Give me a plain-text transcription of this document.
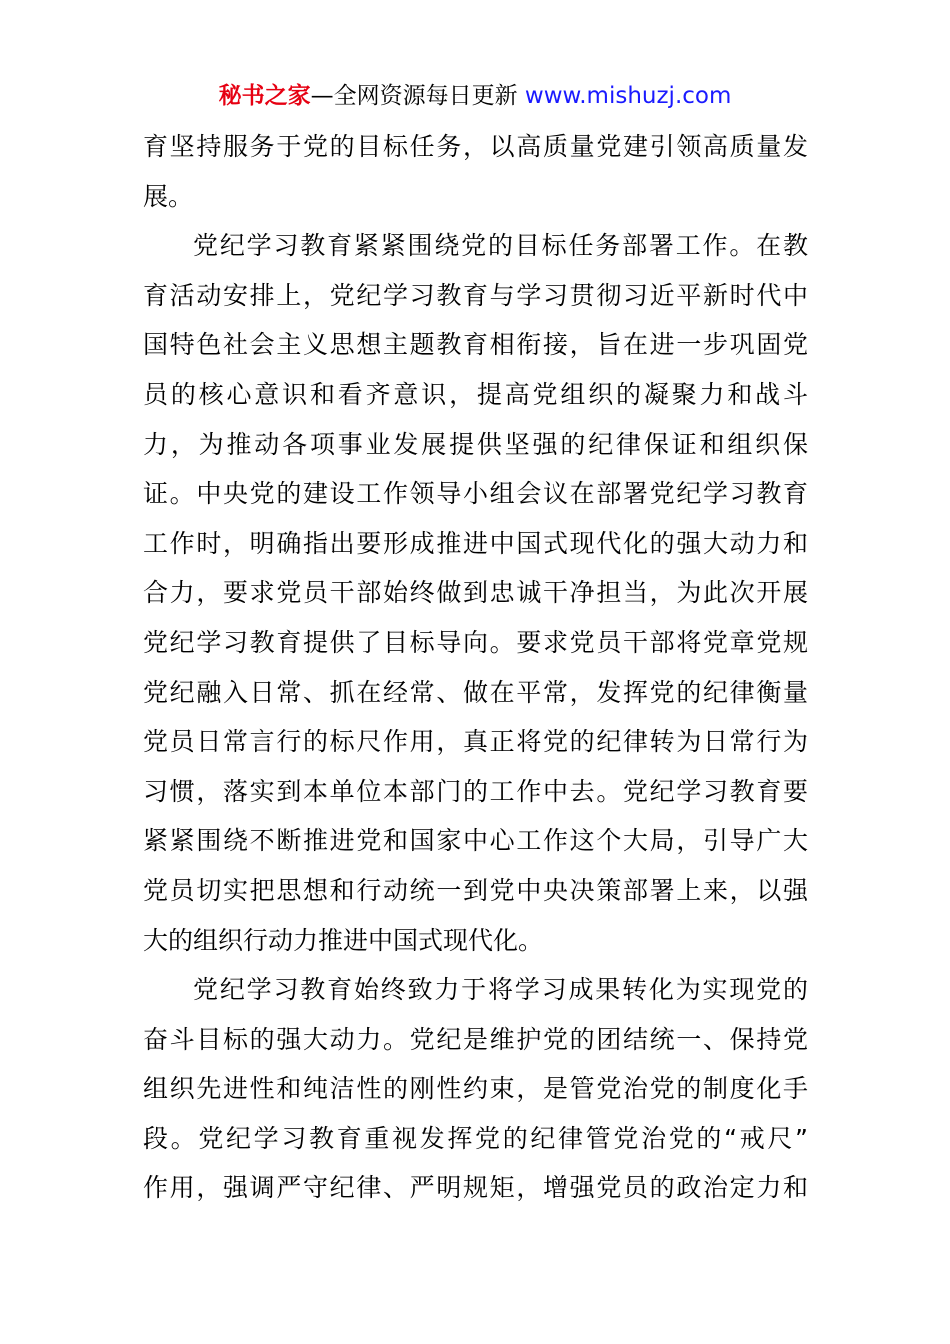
秘书之家—全网资源每日更新 www.mishuzj.com
育坚持服务于党的目标任务，以高质量党建引领高质量发
展。
党纪学习教育紧紧围绕党的目标任务部署工作。在教
育活动安排上，党纪学习教育与学习贯彻习近平新时代中
国特色社会主义思想主题教育相衔接，旨在进一步巩固党
员的核心意识和看齐意识，提高党组织的凝聚力和战斗
力，为推动各项事业发展提供坚强的纪律保证和组织保
证。中央党的建设工作领导小组会议在部署党纪学习教育
工作时，明确指出要形成推进中国式现代化的强大动力和
合力，要求党员干部始终做到忠诚干净担当，为此次开展
党纪学习教育提供了目标导向。要求党员干部将党章党规
党纪融入日常、抓在经常、做在平常，发挥党的纪律衡量
党员日常言行的标尺作用，真正将党的纪律转为日常行为
习惯，落实到本单位本部门的工作中去。党纪学习教育要
紧紧围绕不断推进党和国家中心工作这个大局，引导广大
党员切实把思想和行动统一到党中央决策部署上来，以强
大的组织行动力推进中国式现代化。
党纪学习教育始终致力于将学习成果转化为实现党的
奋斗目标的强大动力。党纪是维护党的团结统一、保持党
组织先进性和纯洁性的刚性约束，是管党治党的制度化手
段。党纪学习教育重视发挥党的纪律管党治党的“戒尺”
作用，强调严守纪律、严明规矩，增强党员的政治定力和
